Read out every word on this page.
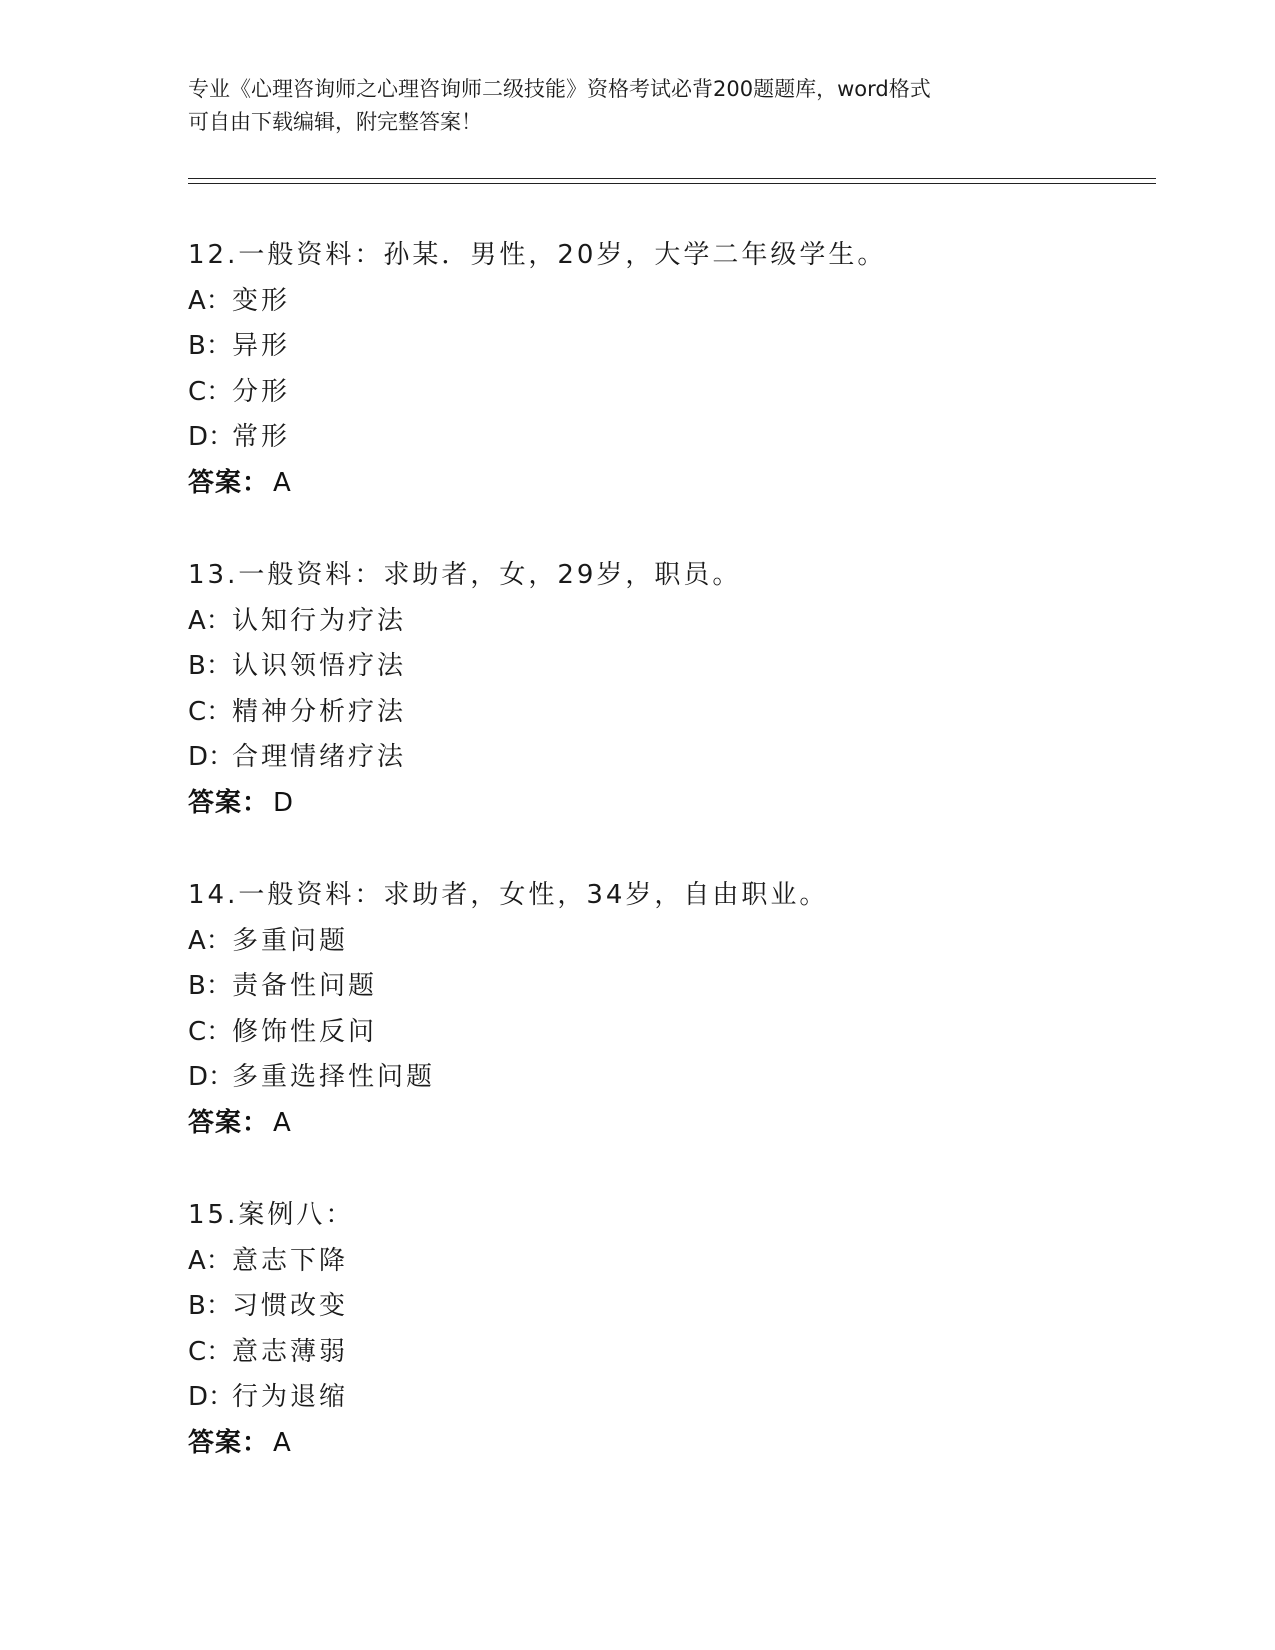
专业《心理咨询师之心理咨询师二级技能》资格考试必背200题题库，word格式
可自由下载编辑，附完整答案！
12.一般资料：孙某．男性，20岁，大学二年级学生。
A：变形
B：异形
C：分形
D：常形
答案： A
13.一般资料：求助者，女，29岁，职员。
A：认知行为疗法
B：认识领悟疗法
C：精神分析疗法
D：合理情绪疗法
答案： D
14.一般资料：求助者，女性，34岁，自由职业。
A：多重问题
B：责备性问题
C：修饰性反问
D：多重选择性问题
答案： A
15.案例八：
A：意志下降
B：习惯改变
C：意志薄弱
D：行为退缩
答案： A
